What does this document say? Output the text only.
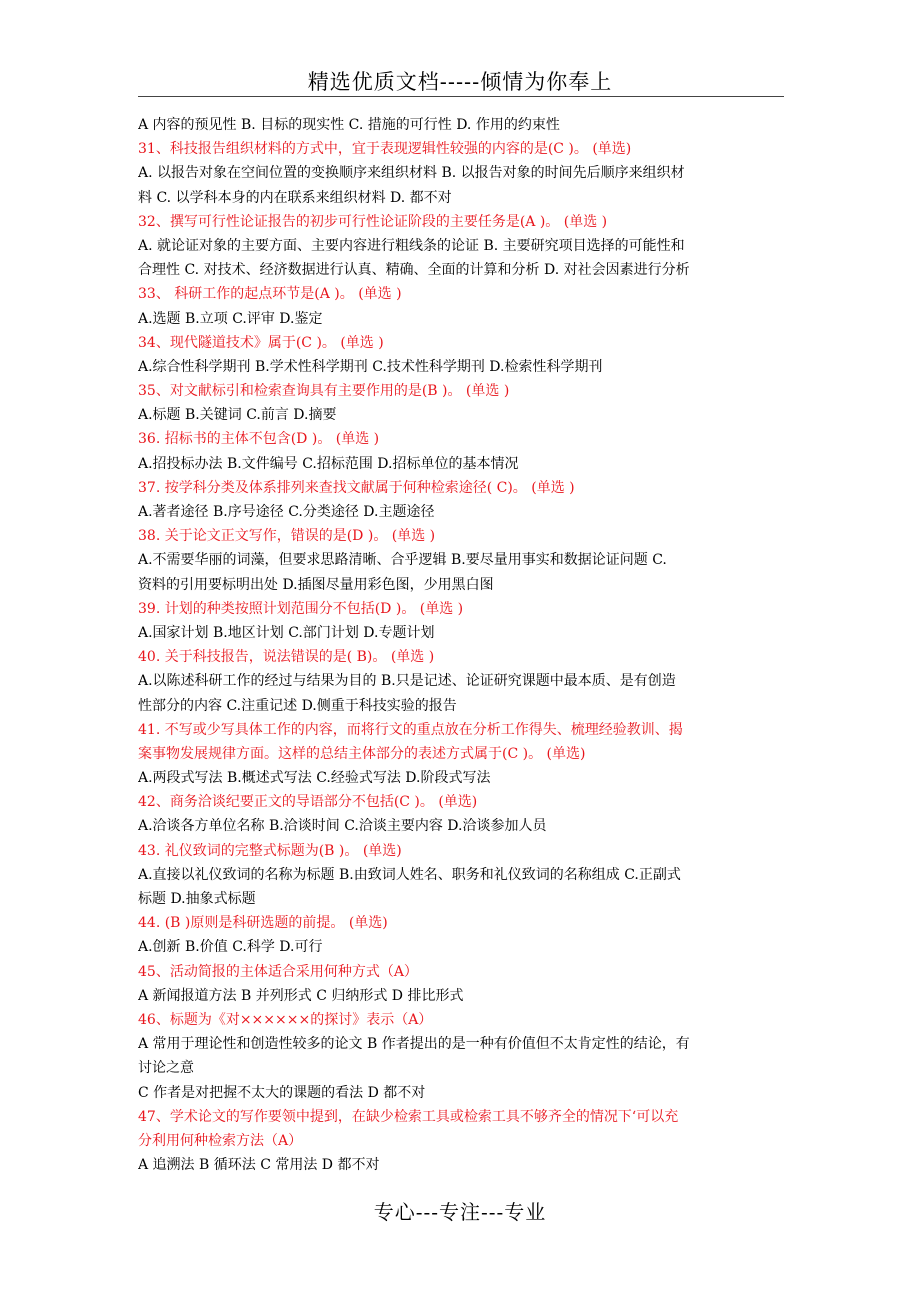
精选优质文档-----倾情为你奉上
A 内容的预见性 B. 目标的现实性 C. 措施的可行性 D. 作用的约束性
31、科技报告组织材料的方式中，宜于表现逻辑性较强的内容的是(C )。 (单选)
A. 以报告对象在空间位置的变换顺序来组织材料 B. 以报告对象的时间先后顺序来组织材
料 C. 以学科本身的内在联系来组织材料 D. 都不对
32、撰写可行性论证报告的初步可行性论证阶段的主要任务是(A )。 (单选 )
A. 就论证对象的主要方面、主要内容进行粗线条的论证 B. 主要研究项目选择的可能性和
合理性 C. 对技术、经济数据进行认真、精确、全面的计算和分析 D. 对社会因素进行分析
33、 科研工作的起点环节是(A )。 (单选 )
A.选题 B.立项 C.评审 D.鉴定
34、现代隧道技术》属于(C )。 (单选 )
A.综合性科学期刊 B.学术性科学期刊 C.技术性科学期刊 D.检索性科学期刊
35、对文献标引和检索查询具有主要作用的是(B )。 (单选 )
A.标题 B.关键词 C.前言 D.摘要
36. 招标书的主体不包含(D )。 (单选 )
A.招投标办法 B.文件编号 C.招标范围 D.招标单位的基本情况
37. 按学科分类及体系排列来查找文献属于何种检索途径( C)。 (单选 )
A.著者途径 B.序号途径 C.分类途径 D.主题途径
38. 关于论文正文写作，错误的是(D )。 (单选 )
A.不需要华丽的词藻，但要求思路清晰、合乎逻辑 B.要尽量用事实和数据论证问题 C.
资料的引用要标明出处 D.插图尽量用彩色图，少用黑白图
39. 计划的种类按照计划范围分不包括(D )。 (单选 )
A.国家计划 B.地区计划 C.部门计划 D.专题计划
40. 关于科技报告，说法错误的是( B)。 (单选 )
A.以陈述科研工作的经过与结果为目的 B.只是记述、论证研究课题中最本质、是有创造
性部分的内容 C.注重记述 D.侧重于科技实验的报告
41. 不写或少写具体工作的内容，而将行文的重点放在分析工作得失、梳理经验教训、揭
案事物发展规律方面。这样的总结主体部分的表述方式属于(C )。 (单选)
A.两段式写法 B.概述式写法 C.经验式写法 D.阶段式写法
42、商务洽谈纪要正文的导语部分不包括(C )。 (单选)
A.洽谈各方单位名称 B.洽谈时间 C.洽谈主要内容 D.洽谈参加人员
43. 礼仪致词的完整式标题为(B )。 (单选)
A.直接以礼仪致词的名称为标题 B.由致词人姓名、职务和礼仪致词的名称组成 C.正副式
标题 D.抽象式标题
44. (B )原则是科研选题的前提。 (单选)
A.创新 B.价值 C.科学 D.可行
45、活动简报的主体适合采用何种方式（A）
A 新闻报道方法 B 并列形式 C 归纳形式 D 排比形式
46、标题为《对××××××的探讨》表示（A）
A 常用于理论性和创造性较多的论文 B 作者提出的是一种有价值但不太肯定性的结论，有
讨论之意
C 作者是对把握不太大的课题的看法 D 都不对
47、学术论文的写作要领中提到，在缺少检索工具或检索工具不够齐全的情况下‘可以充
分利用何种检索方法（A）
A 追溯法 B 循环法 C 常用法 D 都不对
专心---专注---专业
